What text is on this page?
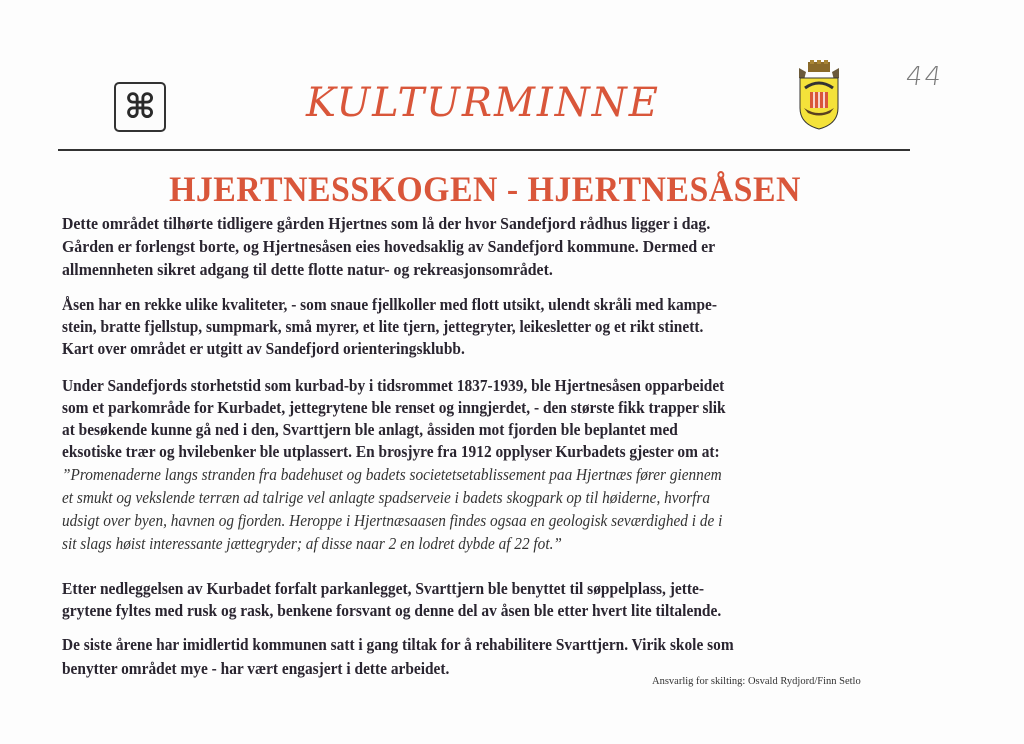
⌘	KULTURMINNE
44
HJERTNESSKOGEN - HJERTNESÅSEN
Dette området tilhørte tidligere gården Hjertnes som lå der hvor Sandefjord rådhus ligger i dag.
Gården er forlengst borte, og Hjertnesåsen eies hovedsaklig av Sandefjord kommune. Dermed er
allmennheten sikret adgang til dette flotte natur- og rekreasjonsområdet.
Åsen har en rekke ulike kvaliteter, - som snaue fjellkoller med flott utsikt, ulendt skråli med kampe-
stein, bratte fjellstup, sumpmark, små myrer, et lite tjern, jettegryter, leikesletter og et rikt stinett.
Kart over området er utgitt av Sandefjord orienteringsklubb.
Under Sandefjords storhetstid som kurbad-by i tidsrommet 1837-1939, ble Hjertnesåsen opparbeidet
som et parkområde for Kurbadet, jettegrytene ble renset og inngjerdet, - den største fikk trapper slik
at besøkende kunne gå ned i den, Svarttjern ble anlagt, åssiden mot fjorden ble beplantet med
eksotiske trær og hvilebenker ble utplassert. En brosjyre fra 1912 opplyser Kurbadets gjester om at:
”Promenaderne langs stranden fra badehuset og badets societetsetablissement paa Hjertnæs fører giennem
et smukt og vekslende terræn ad talrige vel anlagte spadserveie i badets skogpark op til høiderne, hvorfra
udsigt over byen, havnen og fjorden. Heroppe i Hjertnæsaasen findes ogsaa en geologisk seværdighed i de i
sit slags høist interessante jættegryder; af disse naar 2 en lodret dybde af 22 fot.”
Etter nedleggelsen av Kurbadet forfalt parkanlegget, Svarttjern ble benyttet til søppelplass, jette-
grytene fyltes med rusk og rask, benkene forsvant og denne del av åsen ble etter hvert lite tiltalende.
De siste årene har imidlertid kommunen satt i gang tiltak for å rehabilitere Svarttjern. Virik skole som
benytter området mye - har vært engasjert i dette arbeidet.
Ansvarlig for skilting: Osvald Rydjord/Finn Setlo
